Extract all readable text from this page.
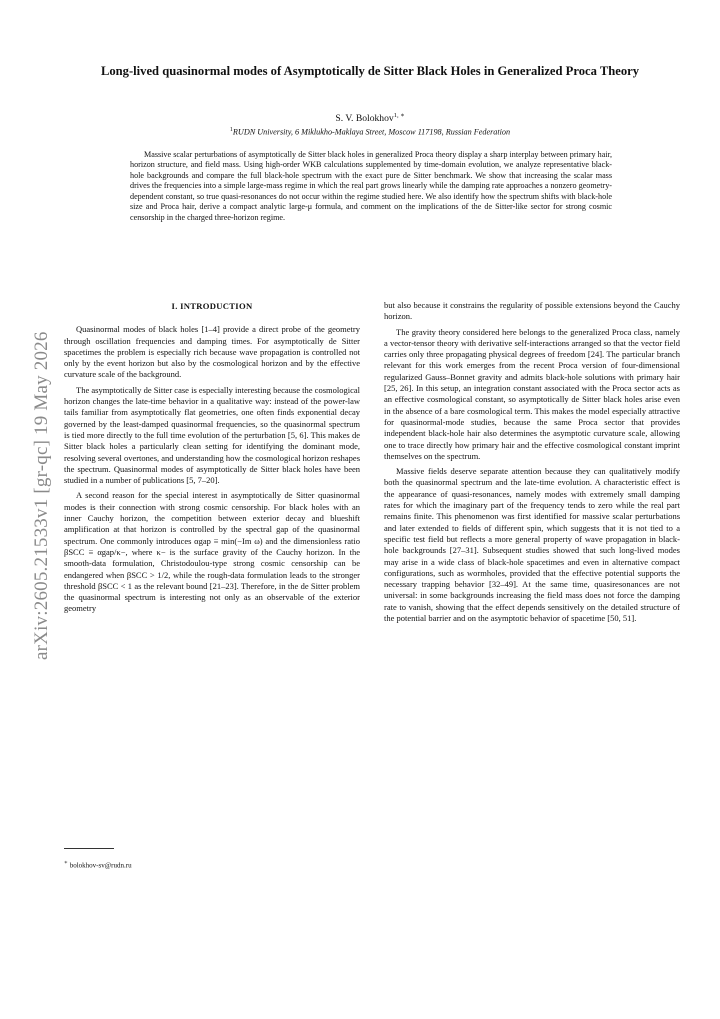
arXiv:2605.21533v1 [gr-qc] 19 May 2026
Long-lived quasinormal modes of Asymptotically de Sitter Black Holes in Generalized Proca Theory
S. V. Bolokhov$^{1, ∗}$
$^1$RUDN University, 6 Miklukho-Maklaya Street, Moscow 117198, Russian Federation
Massive scalar perturbations of asymptotically de Sitter black holes in generalized Proca theory display a sharp interplay between primary hair, horizon structure, and field mass. Using high-order WKB calculations supplemented by time-domain evolution, we analyze representative black-hole backgrounds and compare the full black-hole spectrum with the exact pure de Sitter benchmark. We show that increasing the scalar mass drives the frequencies into a simple large-mass regime in which the real part grows linearly while the damping rate approaches a nonzero geometry-dependent constant, so true quasi-resonances do not occur within the regime studied here. We also identify how the spectrum shifts with black-hole size and Proca hair, derive a compact analytic large-μ formula, and comment on the implications of the de Sitter-like sector for strong cosmic censorship in the charged three-horizon regime.
I. INTRODUCTION

Quasinormal modes of black holes [1–4] provide a direct probe of the geometry through oscillation frequencies and damping times. For asymptotically de Sitter spacetimes the problem is especially rich because wave propagation is controlled not only by the event horizon but also by the cosmological horizon and by the effective curvature scale of the background.

The asymptotically de Sitter case is especially interesting because the cosmological horizon changes the late-time behavior in a qualitative way: instead of the power-law tails familiar from asymptotically flat geometries, one often finds exponential decay governed by the least-damped quasinormal frequencies, so the quasinormal spectrum is tied more directly to the full time evolution of the perturbation [5, 6]. This makes de Sitter black holes a particularly clean setting for identifying the dominant mode, resolving several overtones, and understanding how the cosmological horizon reshapes the spectrum. Quasinormal modes of asymptotically de Sitter black holes have been studied in a number of publications [5, 7–20].

A second reason for the special interest in asymptotically de Sitter quasinormal modes is their connection with strong cosmic censorship. For black holes with an inner Cauchy horizon, the competition between exterior decay and blueshift amplification at that horizon is controlled by the spectral gap of the quasinormal spectrum. One commonly introduces αgap ≡ min(−Im ω) and the dimensionless ratio βSCC ≡ αgap/κ−, where κ− is the surface gravity of the Cauchy horizon. In the smooth-data formulation, Christodoulou-type strong cosmic censorship can be endangered when βSCC > 1/2, while the rough-data formulation leads to the stronger threshold βSCC < 1 as the relevant bound [21–23]. Therefore, in the de Sitter problem the quasinormal spectrum is interesting not only as an observable of the exterior geometry

but also because it constrains the regularity of possible extensions beyond the Cauchy horizon.

The gravity theory considered here belongs to the generalized Proca class, namely a vector-tensor theory with derivative self-interactions arranged so that the vector field carries only three propagating physical degrees of freedom [24]. The particular branch relevant for this work emerges from the recent Proca version of four-dimensional regularized Gauss–Bonnet gravity and admits black-hole solutions with primary hair [25, 26]. In this setup, an integration constant associated with the Proca sector acts as an effective cosmological constant, so asymptotically de Sitter black holes arise even in the absence of a bare cosmological term. This makes the model especially attractive for quasinormal-mode studies, because the same Proca sector that provides independent black-hole hair also determines the asymptotic curvature scale, allowing one to trace directly how primary hair and the effective cosmological constant imprint themselves on the spectrum.

Massive fields deserve separate attention because they can qualitatively modify both the quasinormal spectrum and the late-time evolution. A characteristic effect is the appearance of quasi-resonances, namely modes with extremely small damping rates for which the imaginary part of the frequency tends to zero while the real part remains finite. This phenomenon was first identified for massive scalar perturbations and later extended to fields of different spin, which suggests that it is not tied to a specific test field but reflects a more general property of wave propagation in black-hole backgrounds [27–31]. Subsequent studies showed that such long-lived modes may arise in a wide class of black-hole spacetimes and even in alternative compact configurations, such as wormholes, provided that the effective potential supports the necessary trapping behavior [32–49]. At the same time, quasiresonances are not universal: in some backgrounds increasing the field mass does not force the damping rate to vanish, showing that the effect depends sensitively on the detailed structure of the potential barrier and on the asymptotic behavior of spacetime [50, 51].

∗ bolokhov-sv@rudn.ru
